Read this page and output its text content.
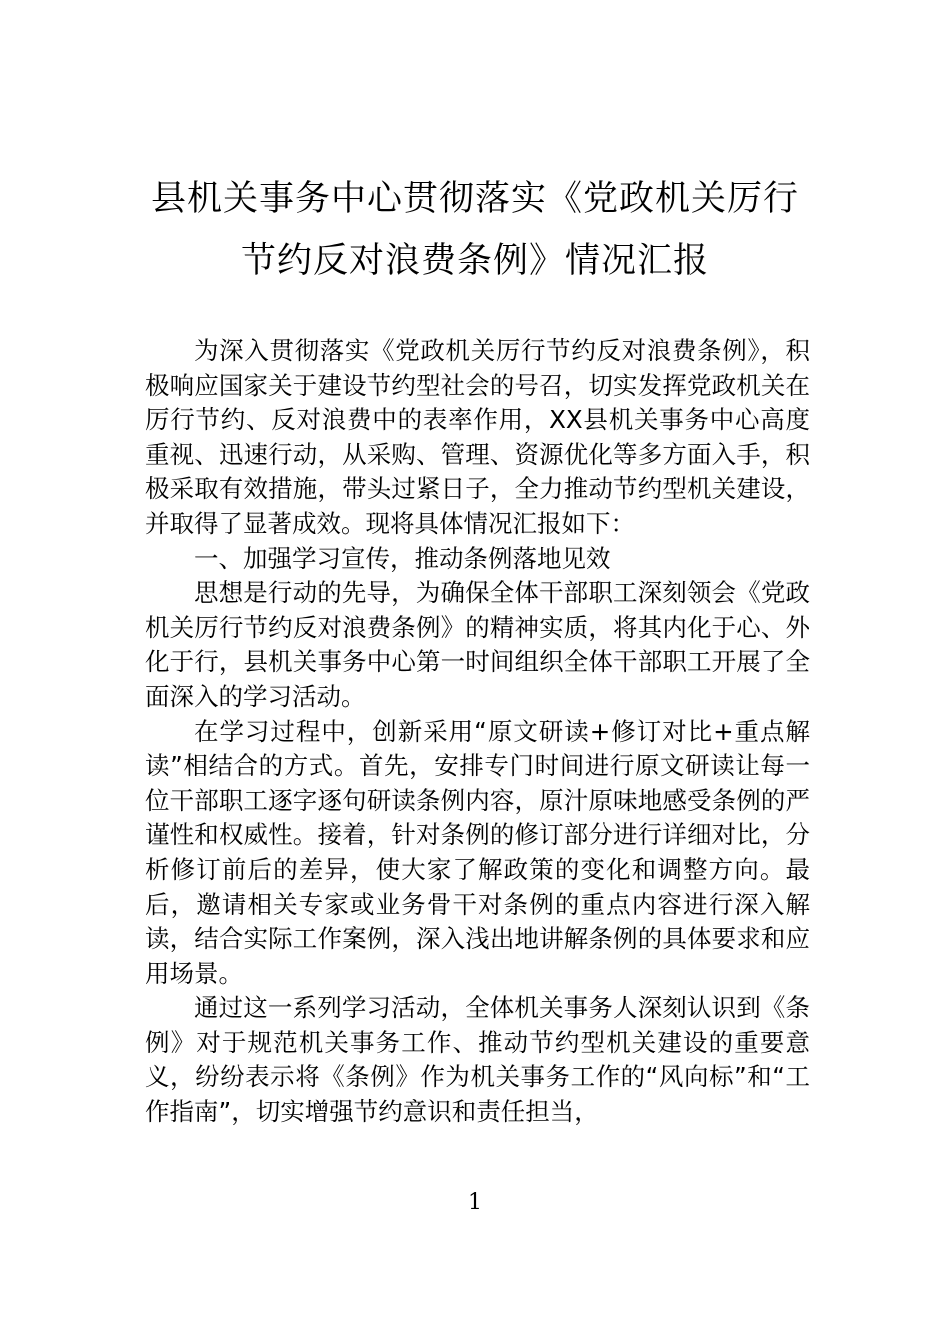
县机关事务中心贯彻落实《党政机关厉行
节约反对浪费条例》情况汇报

为深入贯彻落实《党政机关厉行节约反对浪费条例》，积极响应国家关于建设节约型社会的号召，切实发挥党政机关在厉行节约、反对浪费中的表率作用，XX县机关事务中心高度重视、迅速行动，从采购、管理、资源优化等多方面入手，积极采取有效措施，带头过紧日子，全力推动节约型机关建设，并取得了显著成效。现将具体情况汇报如下：

一、加强学习宣传，推动条例落地见效

思想是行动的先导，为确保全体干部职工深刻领会《党政机关厉行节约反对浪费条例》的精神实质，将其内化于心、外化于行，县机关事务中心第一时间组织全体干部职工开展了全面深入的学习活动。

在学习过程中，创新采用“原文研读+修订对比+重点解读”相结合的方式。首先，安排专门时间进行原文研读让每一位干部职工逐字逐句研读条例内容，原汁原味地感受条例的严谨性和权威性。接着，针对条例的修订部分进行详细对比，分析修订前后的差异，使大家了解政策的变化和调整方向。最后，邀请相关专家或业务骨干对条例的重点内容进行深入解读，结合实际工作案例，深入浅出地讲解条例的具体要求和应用场景。

通过这一系列学习活动，全体机关事务人深刻认识到《条例》对于规范机关事务工作、推动节约型机关建设的重要意义，纷纷表示将《条例》作为机关事务工作的“风向标”和“工作指南”，切实增强节约意识和责任担当，

1
